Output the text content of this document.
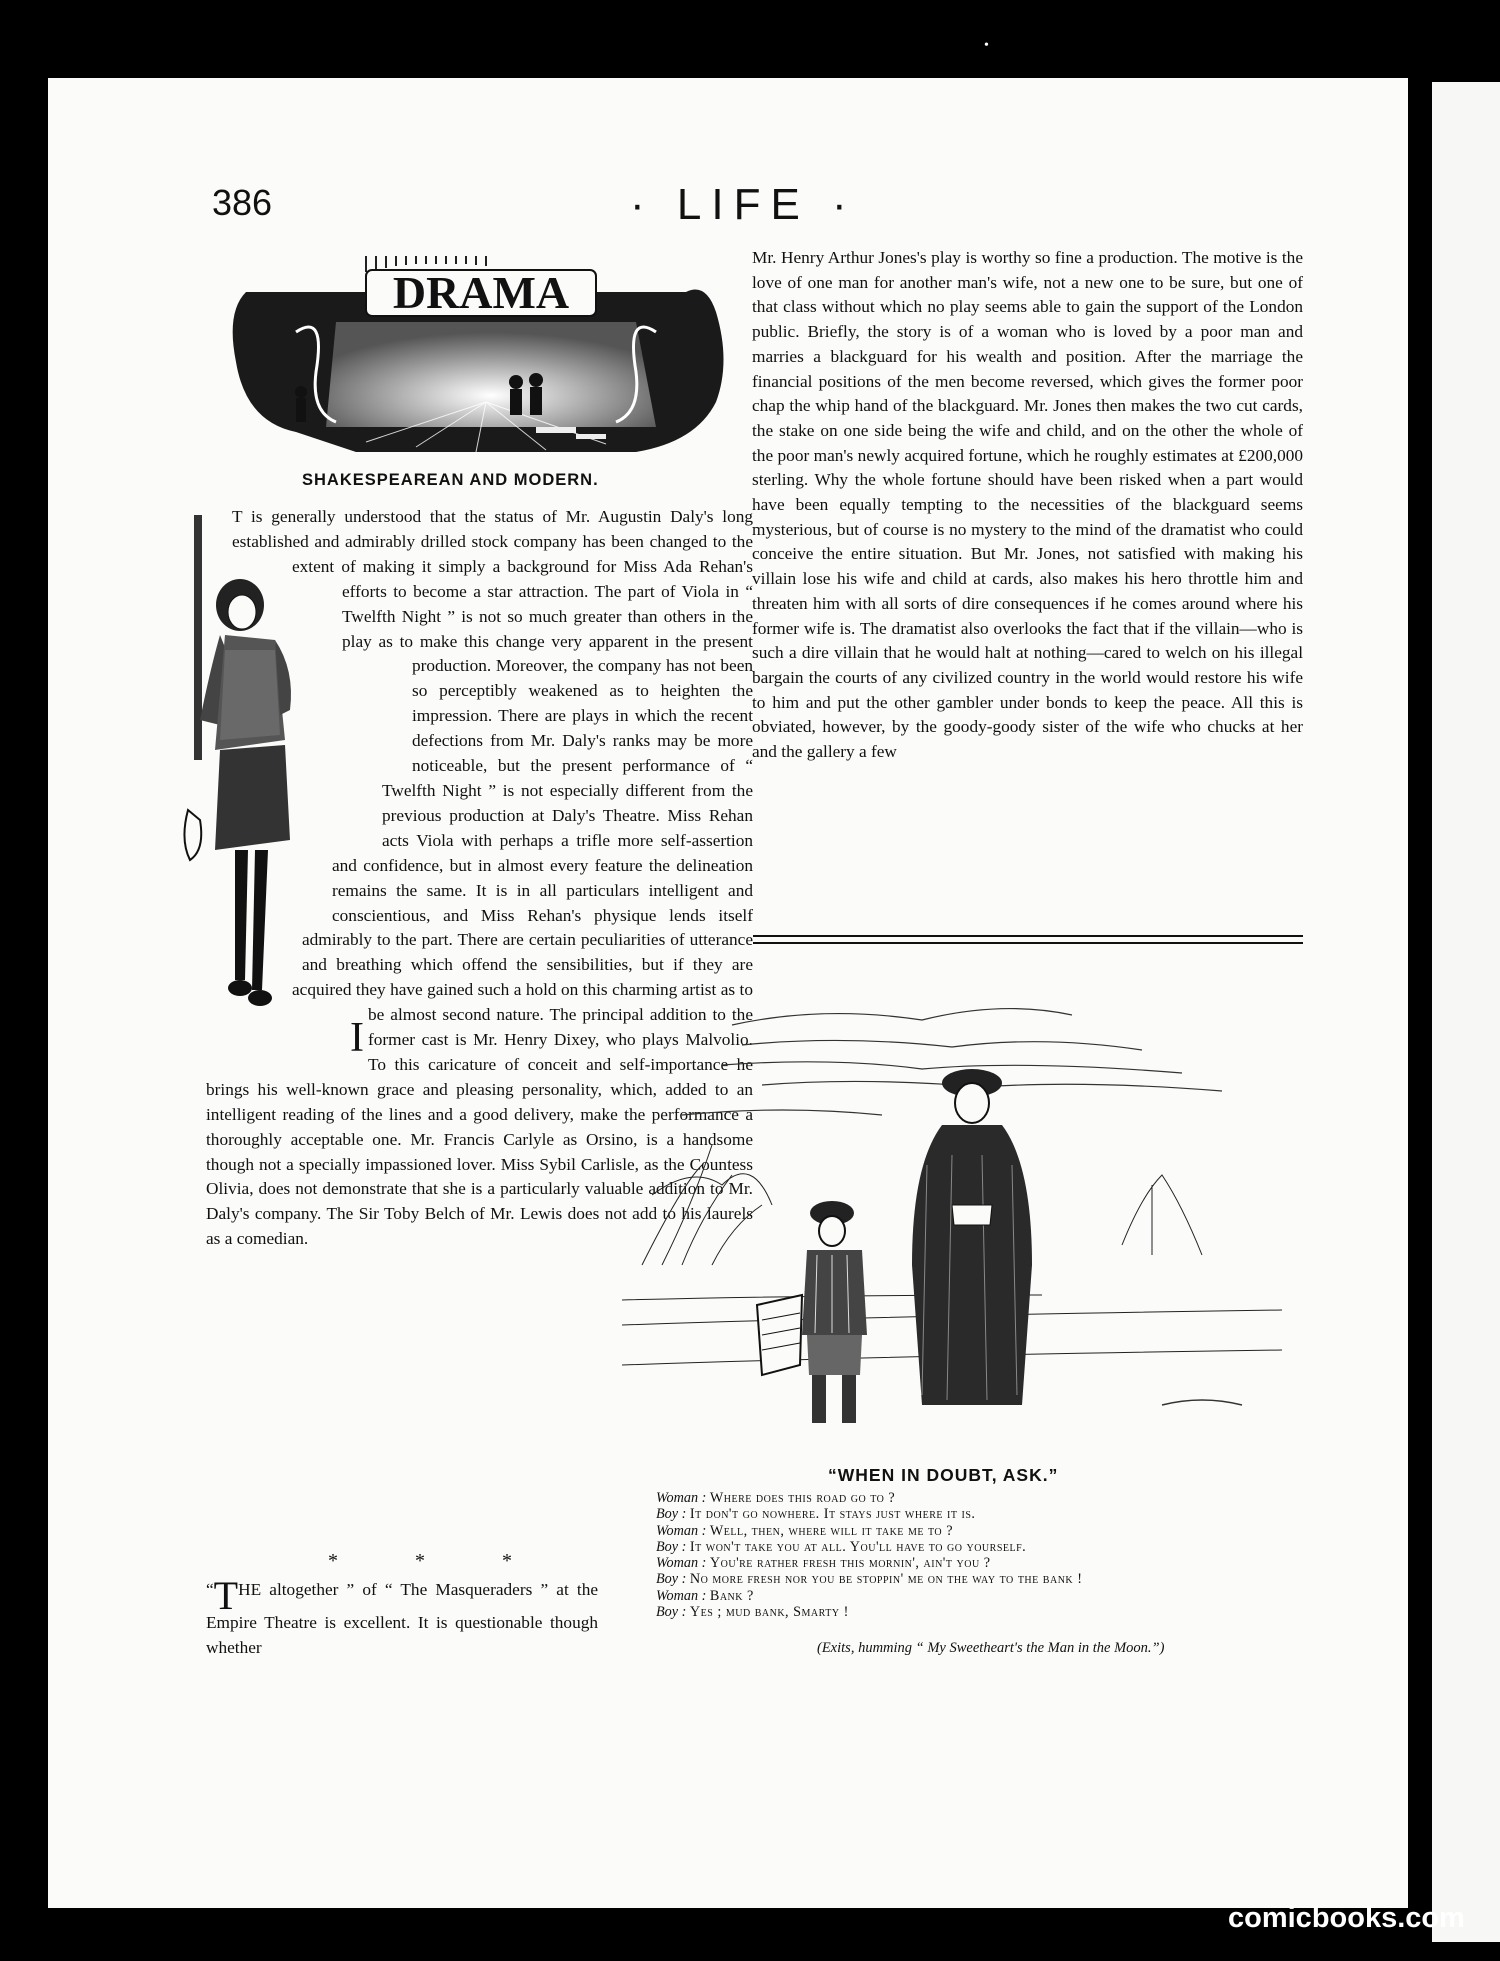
•
386	· LIFE ·
DRAMA
SHAKESPEAREAN AND MODERN.
I
T is generally understood that the status of Mr. Augustin Daly's long established and admirably drilled stock company has been changed to the extent of making it simply a background for Miss Ada Rehan's efforts to become a star attraction. The part of Viola in “ Twelfth Night ” is not so much greater than others in the play as to make this change very apparent in the present production. Moreover, the company has not been so perceptibly weakened as to heighten the impression. There are plays in which the recent defections from Mr. Daly's ranks may be more noticeable, but the present performance of “ Twelfth Night ” is not especially different from the previous production at Daly's Theatre. Miss Rehan acts Viola with perhaps a trifle more self-assertion and confidence, but in almost every feature the delineation remains the same. It is in all particulars intelligent and conscientious, and Miss Rehan's physique lends itself admirably to the part. There are certain peculiarities of utterance and breathing which offend the sensibilities, but if they are acquired they have gained such a hold on this charming artist as to be almost second nature. The principal addition to the former cast is Mr. Henry Dixey, who plays Malvolio. To this caricature of conceit and self-importance he brings his well-known grace and pleasing personality, which, added to an intelligent reading of the lines and a good delivery, make the performance a thoroughly acceptable one. Mr. Francis Carlyle as Orsino, is a handsome though not a specially impassioned lover. Miss Sybil Carlisle, as the Countess Olivia, does not demonstrate that she is a particularly valuable addition to Mr. Daly's company. The Sir Toby Belch of Mr. Lewis does not add to his laurels as a comedian.
* * *
“THE altogether ” of “ The Masqueraders ” at the Empire Theatre is excellent. It is questionable though whether
Mr. Henry Arthur Jones's play is worthy so fine a production. The motive is the love of one man for another man's wife, not a new one to be sure, but one of that class without which no play seems able to gain the support of the London public. Briefly, the story is of a woman who is loved by a poor man and marries a blackguard for his wealth and position. After the marriage the financial positions of the men become reversed, which gives the former poor chap the whip hand of the blackguard. Mr. Jones then makes the two cut cards, the stake on one side being the wife and child, and on the other the whole of the poor man's newly acquired fortune, which he roughly estimates at £200,000 sterling. Why the whole fortune should have been risked when a part would have been equally tempting to the necessities of the blackguard seems mysterious, but of course is no mystery to the mind of the dramatist who could conceive the entire situation. But Mr. Jones, not satisfied with making his villain lose his wife and child at cards, also makes his hero throttle him and threaten him with all sorts of dire consequences if he comes around where his former wife is. The dramatist also overlooks the fact that if the villain—who is such a dire villain that he would halt at nothing—cared to welch on his illegal bargain the courts of any civilized country in the world would restore his wife to him and put the other gambler under bonds to keep the peace. All this is obviated, however, by the goody-goody sister of the wife who chucks at her and the gallery a few
“WHEN IN DOUBT, ASK.”
Woman : Where does this road go to ?
Boy : It don't go nowhere. It stays just where it is.
Woman : Well, then, where will it take me to ?
Boy : It won't take you at all. You'll have to go yourself.
Woman : You're rather fresh this mornin', ain't you ?
Boy : No more fresh nor you be stoppin' me on the way to the bank !
Woman : Bank ?
Boy : Yes ; mud bank, Smarty !
(Exits, humming “ My Sweetheart's the Man in the Moon.”)
comicbooks.com
